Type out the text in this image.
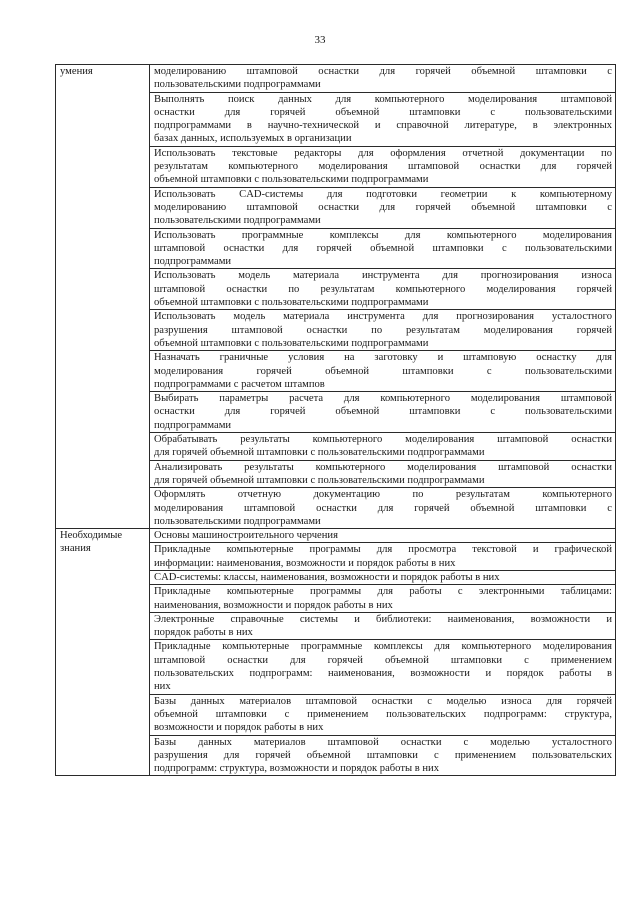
33
умения	моделированию штамповой оснастки для горячей объемной штамповки с
пользовательскими подпрограммами

	Выполнять поиск данных для компьютерного моделирования штамповой
оснастки для горячей объемной штамповки с пользовательскими
подпрограммами в научно-технической и справочной литературе, в электронных
базах данных, используемых в организации

	Использовать текстовые редакторы для оформления отчетной документации по
результатам компьютерного моделирования штамповой оснастки для горячей
объемной штамповки с пользовательскими подпрограммами

	Использовать CAD-системы для подготовки геометрии к компьютерному
моделированию штамповой оснастки для горячей объемной штамповки с
пользовательскими подпрограммами

	Использовать программные комплексы для компьютерного моделирования
штамповой оснастки для горячей объемной штамповки с пользовательскими
подпрограммами

	Использовать модель материала инструмента для прогнозирования износа
штамповой оснастки по результатам компьютерного моделирования горячей
объемной штамповки с пользовательскими подпрограммами

	Использовать модель материала инструмента для прогнозирования усталостного
разрушения штамповой оснастки по результатам моделирования горячей
объемной штамповки с пользовательскими подпрограммами

	Назначать граничные условия на заготовку и штамповую оснастку для
моделирования горячей объемной штамповки с пользовательскими
подпрограммами с расчетом штампов

	Выбирать параметры расчета для компьютерного моделирования штамповой
оснастки для горячей объемной штамповки с пользовательскими
подпрограммами

	Обрабатывать результаты компьютерного моделирования штамповой оснастки
для горячей объемной штамповки с пользовательскими подпрограммами

	Анализировать результаты компьютерного моделирования штамповой оснастки
для горячей объемной штамповки с пользовательскими подпрограммами

	Оформлять отчетную документацию по результатам компьютерного
моделирования штамповой оснастки для горячей объемной штамповки с
пользовательскими подпрограммами

Необходимые знания	Основы машиностроительного черчения

	Прикладные компьютерные программы для просмотра текстовой и графической
информации: наименования, возможности и порядок работы в них

	CAD-системы: классы, наименования, возможности и порядок работы в них

	Прикладные компьютерные программы для работы с электронными таблицами:
наименования, возможности и порядок работы в них

	Электронные справочные системы и библиотеки: наименования, возможности и
порядок работы в них

	Прикладные компьютерные программные комплексы для компьютерного моделирования
штамповой оснастки для горячей объемной штамповки с применением
пользовательских подпрограмм: наименования, возможности и порядок работы в
них

	Базы данных материалов штамповой оснастки с моделью износа для горячей
объемной штамповки с применением пользовательских подпрограмм: структура,
возможности и порядок работы в них

	Базы данных материалов штамповой оснастки с моделью усталостного
разрушения для горячей объемной штамповки с применением пользовательских
подпрограмм: структура, возможности и порядок работы в них
